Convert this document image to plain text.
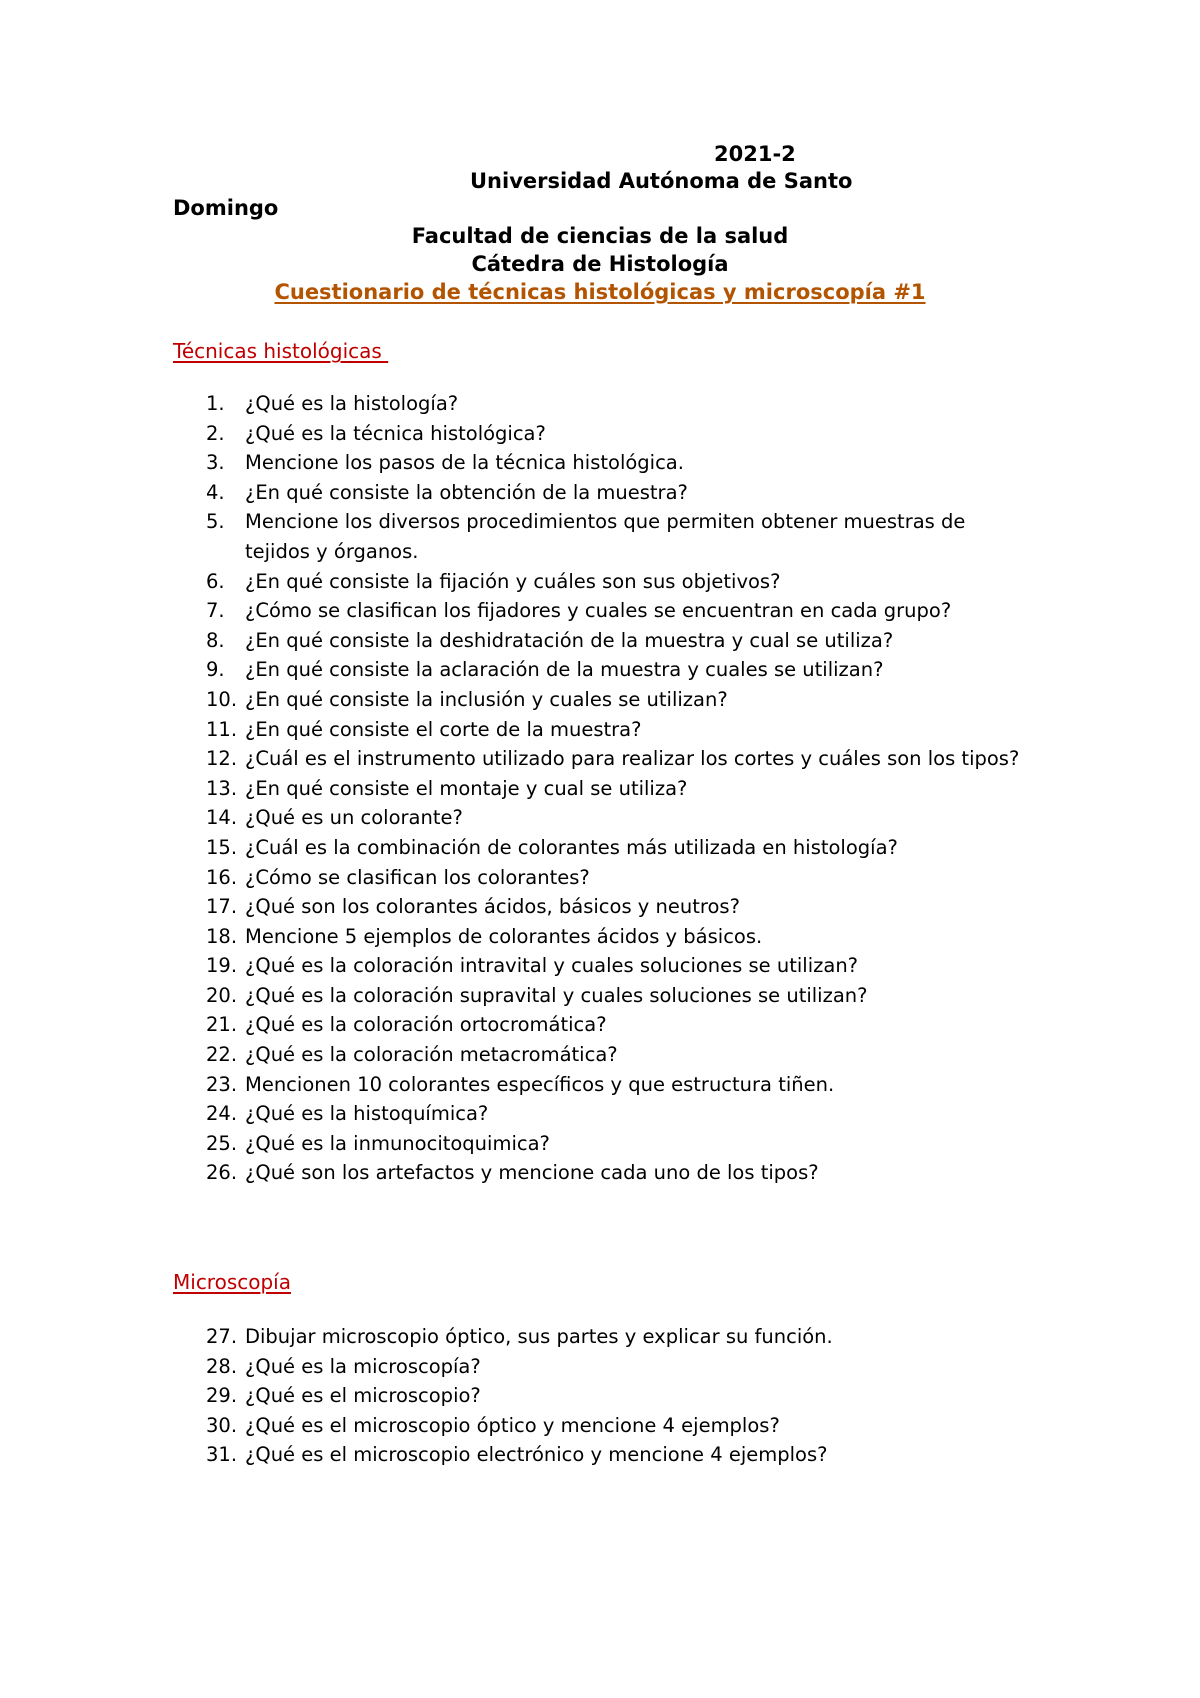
2021-2
Universidad Autónoma de Santo
Domingo
Facultad de ciencias de la salud
Cátedra de Histología
Cuestionario de técnicas histológicas y microscopía #1
Técnicas histológicas
1. ¿Qué es la histología?
2. ¿Qué es la técnica histológica?
3. Mencione los pasos de la técnica histológica.
4. ¿En qué consiste la obtención de la muestra?
5. Mencione los diversos procedimientos que permiten obtener muestras de tejidos y órganos.
6. ¿En qué consiste la fijación y cuáles son sus objetivos?
7. ¿Cómo se clasifican los fijadores y cuales se encuentran en cada grupo?
8. ¿En qué consiste la deshidratación de la muestra y cual se utiliza?
9. ¿En qué consiste la aclaración de la muestra y cuales se utilizan?
10. ¿En qué consiste la inclusión y cuales se utilizan?
11. ¿En qué consiste el corte de la muestra?
12. ¿Cuál es el instrumento utilizado para realizar los cortes y cuáles son los tipos?
13. ¿En qué consiste el montaje y cual se utiliza?
14. ¿Qué es un colorante?
15. ¿Cuál es la combinación de colorantes más utilizada en histología?
16. ¿Cómo se clasifican los colorantes?
17. ¿Qué son los colorantes ácidos, básicos y neutros?
18. Mencione 5 ejemplos de colorantes ácidos y básicos.
19. ¿Qué es la coloración intravital y cuales soluciones se utilizan?
20. ¿Qué es la coloración supravital y cuales soluciones se utilizan?
21. ¿Qué es la coloración ortocromática?
22. ¿Qué es la coloración metacromática?
23. Mencionen 10 colorantes específicos y que estructura tiñen.
24. ¿Qué es la histoquímica?
25. ¿Qué es la inmunocitoquimica?
26. ¿Qué son los artefactos y mencione cada uno de los tipos?
Microscopía
27. Dibujar microscopio óptico, sus partes y explicar su función.
28. ¿Qué es la microscopía?
29. ¿Qué es el microscopio?
30. ¿Qué es el microscopio óptico y mencione 4 ejemplos?
31. ¿Qué es el microscopio electrónico y mencione 4 ejemplos?
